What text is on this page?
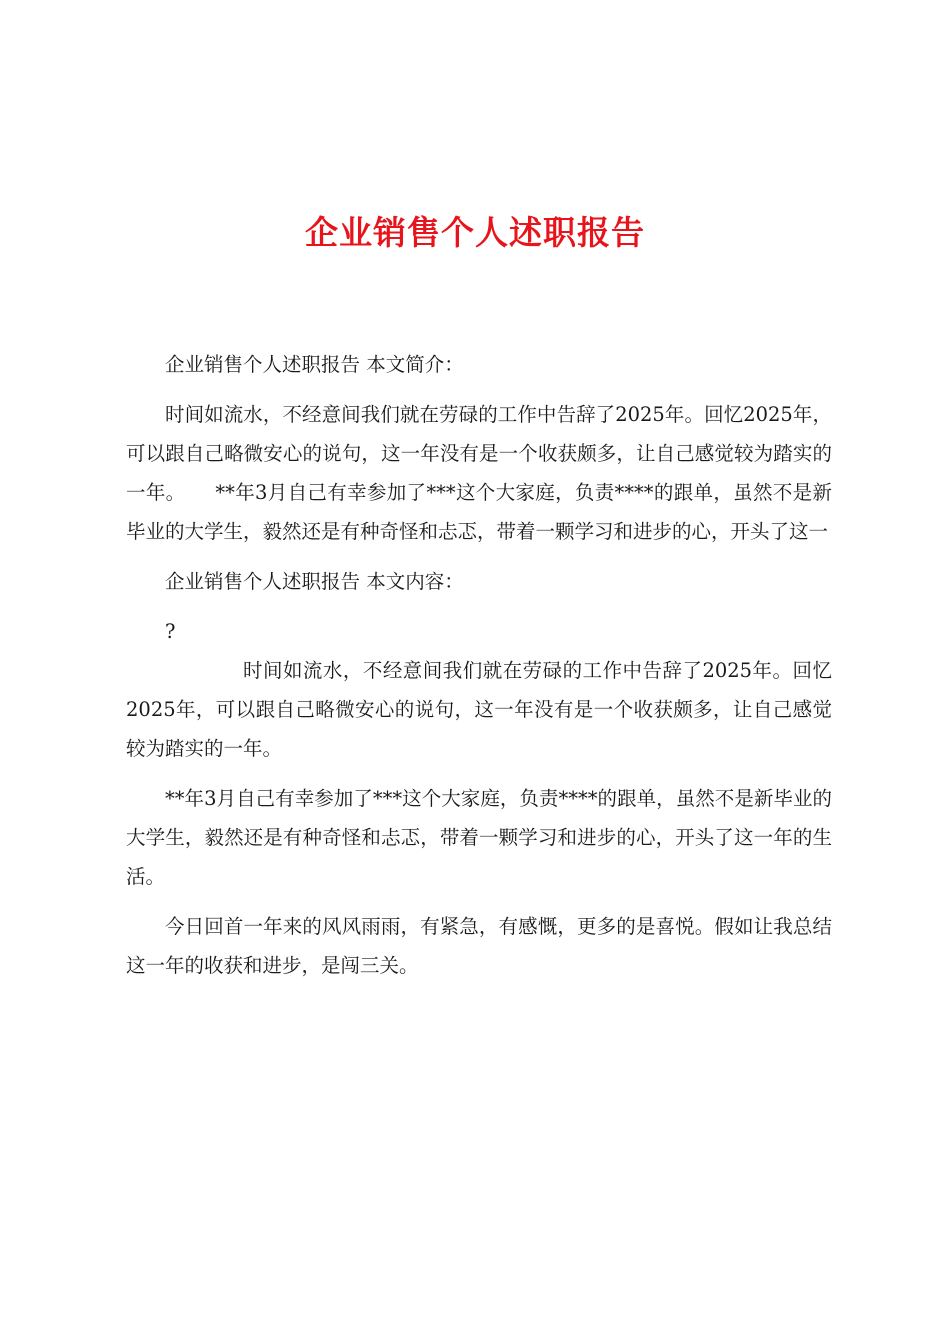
企业销售个人述职报告

企业销售个人述职报告 本文简介：

时间如流水，不经意间我们就在劳碌的工作中告辞了2025年。回忆2025年，可以跟自己略微安心的说句，这一年没有是一个收获颇多，让自己感觉较为踏实的一年。　　**年3月自己有幸参加了***这个大家庭，负责****的跟单，虽然不是新毕业的大学生，毅然还是有种奇怪和忐忑，带着一颗学习和进步的心，开头了这一

企业销售个人述职报告 本文内容：

?

时间如流水，不经意间我们就在劳碌的工作中告辞了2025年。回忆2025年，可以跟自己略微安心的说句，这一年没有是一个收获颇多，让自己感觉较为踏实的一年。

**年3月自己有幸参加了***这个大家庭，负责****的跟单，虽然不是新毕业的大学生，毅然还是有种奇怪和忐忑，带着一颗学习和进步的心，开头了这一年的生活。

今日回首一年来的风风雨雨，有紧急，有感慨，更多的是喜悦。假如让我总结这一年的收获和进步，是闯三关。
